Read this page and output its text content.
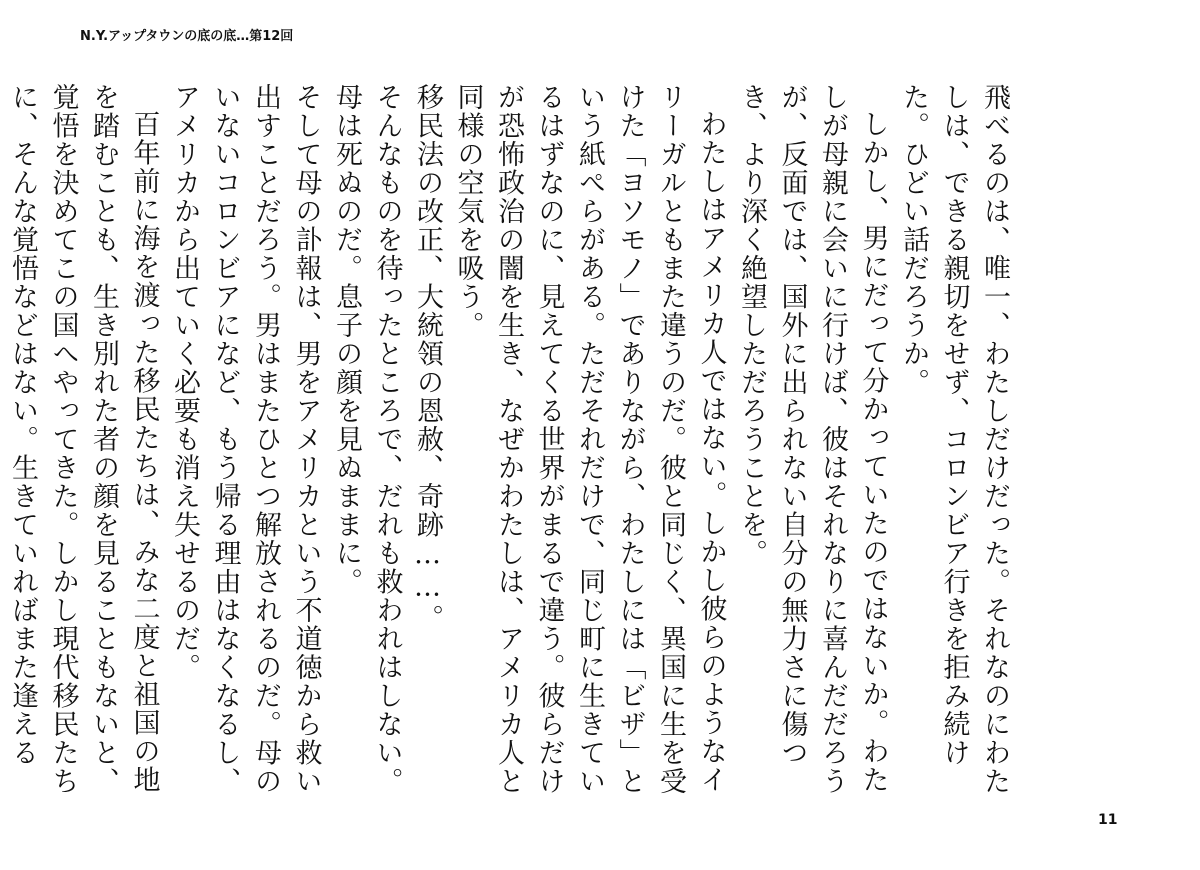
N.Y.アップタウンの底の底…第12回

飛べるのは、唯一、わたしだけだった。それなのにわたしは、できる親切をせず、コロンビア行きを拒み続けた。ひどい話だろうか。

しかし、男にだって分かっていたのではないか。わたしが母親に会いに行けば、彼はそれなりに喜んだだろうが、反面では、国外に出られない自分の無力さに傷つき、より深く絶望しただろうことを。

わたしはアメリカ人ではない。しかし彼らのようなイリーガルともまた違うのだ。彼と同じく、異国に生を受けた「ヨソモノ」でありながら、わたしには「ビザ」という紙ぺらがある。ただそれだけで、同じ町に生きているはずなのに、見えてくる世界がまるで違う。彼らだけが恐怖政治の闇を生き、なぜかわたしは、アメリカ人と同様の空気を吸う。

移民法の改正、大統領の恩赦、奇跡……。

そんなものを待ったところで、だれも救われはしない。

母は死ぬのだ。息子の顔を見ぬままに。

そして母の訃報は、男をアメリカという不道徳から救い出すことだろう。男はまたひとつ解放されるのだ。母のいないコロンビアになど、もう帰る理由はなくなるし、アメリカから出ていく必要も消え失せるのだ。

百年前に海を渡った移民たちは、みな二度と祖国の地を踏むことも、生き別れた者の顔を見ることもないと、覚悟を決めてこの国へやってきた。しかし現代移民たちに、そんな覚悟などはない。生きていればまた逢える

11
